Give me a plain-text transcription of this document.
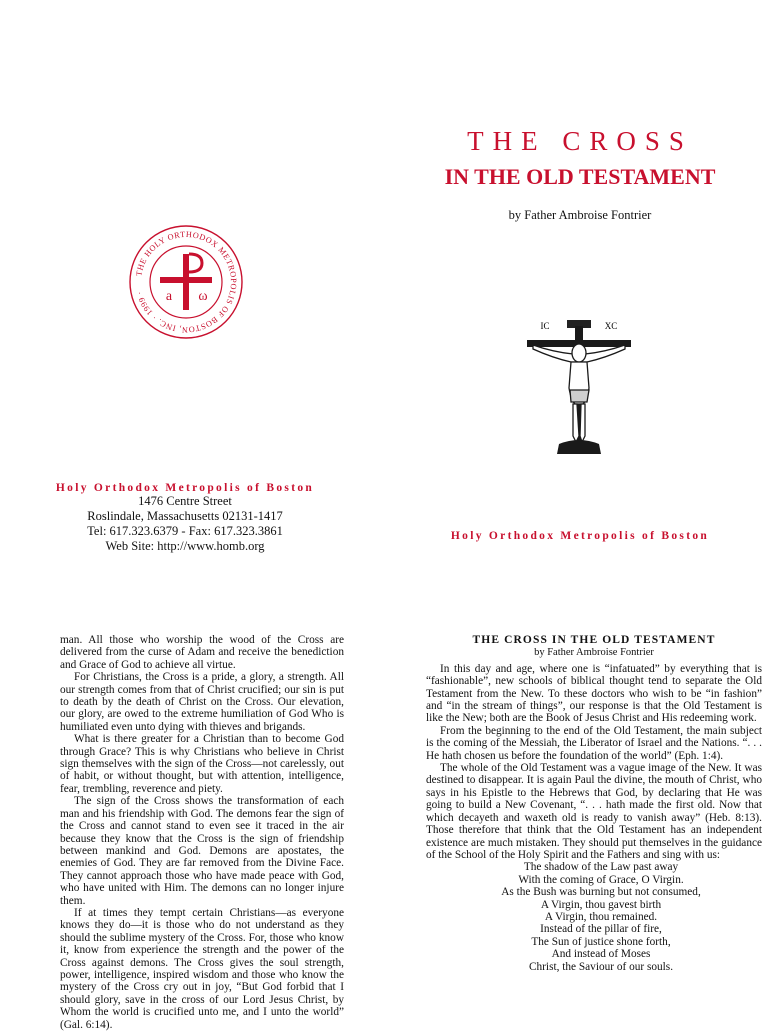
THE HOLY ORTHODOX METROPOLIS OF BOSTON, INC. · 1999 ·	a ω
Holy Orthodox Metropolis of Boston
1476 Centre Street
Roslindale, Massachusetts 02131-1417
Tel: 617.323.6379 - Fax: 617.323.3861
Web Site: http://www.homb.org
THE CROSS
IN THE OLD TESTAMENT
by Father Ambroise Fontrier
IC	XC
Holy Orthodox Metropolis of Boston

man. All those who worship the wood of the Cross are delivered from the curse of Adam and receive the benediction and Grace of God to achieve all virtue.

For Christians, the Cross is a pride, a glory, a strength. All our strength comes from that of Christ crucified; our sin is put to death by the death of Christ on the Cross. Our elevation, our glory, are owed to the extreme humiliation of God Who is humiliated even unto dying with thieves and brigands.

What is there greater for a Christian than to become God through Grace? This is why Christians who believe in Christ sign themselves with the sign of the Cross—not carelessly, out of habit, or without thought, but with attention, intelligence, fear, trembling, reverence and piety.

The sign of the Cross shows the transformation of each man and his friendship with God. The demons fear the sign of the Cross and cannot stand to even see it traced in the air because they know that the Cross is the sign of friendship between mankind and God. Demons are apostates, the enemies of God. They are far removed from the Divine Face. They cannot approach those who have made peace with God, who have united with Him. The demons can no longer injure them.

If at times they tempt certain Christians—as everyone knows they do—it is those who do not understand as they should the sublime mystery of the Cross. For, those who know it, know from experience the strength and the power of the Cross against demons. The Cross gives the soul strength, power, intelligence, inspired wisdom and those who know the mystery of the Cross cry out in joy, “But God forbid that I should glory, save in the cross of our Lord Jesus Christ, by Whom the world is crucified unto me, and I unto the world” (Gal. 6:14).

THE CROSS IN THE OLD TESTAMENT
by Father Ambroise Fontrier

In this day and age, where one is “infatuated” by everything that is “fashionable”, new schools of biblical thought tend to separate the Old Testament from the New. To these doctors who wish to be “in fashion” and “in the stream of things”, our response is that the Old Testament is like the New; both are the Book of Jesus Christ and His redeeming work.

From the beginning to the end of the Old Testament, the main subject is the coming of the Messiah, the Liberator of Israel and the Nations. “. . . He hath chosen us before the foundation of the world” (Eph. 1:4).

The whole of the Old Testament was a vague image of the New. It was destined to disappear. It is again Paul the divine, the mouth of Christ, who says in his Epistle to the Hebrews that God, by declaring that He was going to build a New Covenant, “. . . hath made the first old. Now that which decayeth and waxeth old is ready to vanish away” (Heb. 8:13). Those therefore that think that the Old Testament has an independent existence are much mistaken. They should put themselves in the guidance of the School of the Holy Spirit and the Fathers and sing with us:

The shadow of the Law past away

With the coming of Grace, O Virgin.

As the Bush was burning but not consumed,

A Virgin, thou gavest birth

A Virgin, thou remained.

Instead of the pillar of fire,

The Sun of justice shone forth,

And instead of Moses

Christ, the Saviour of our souls.
